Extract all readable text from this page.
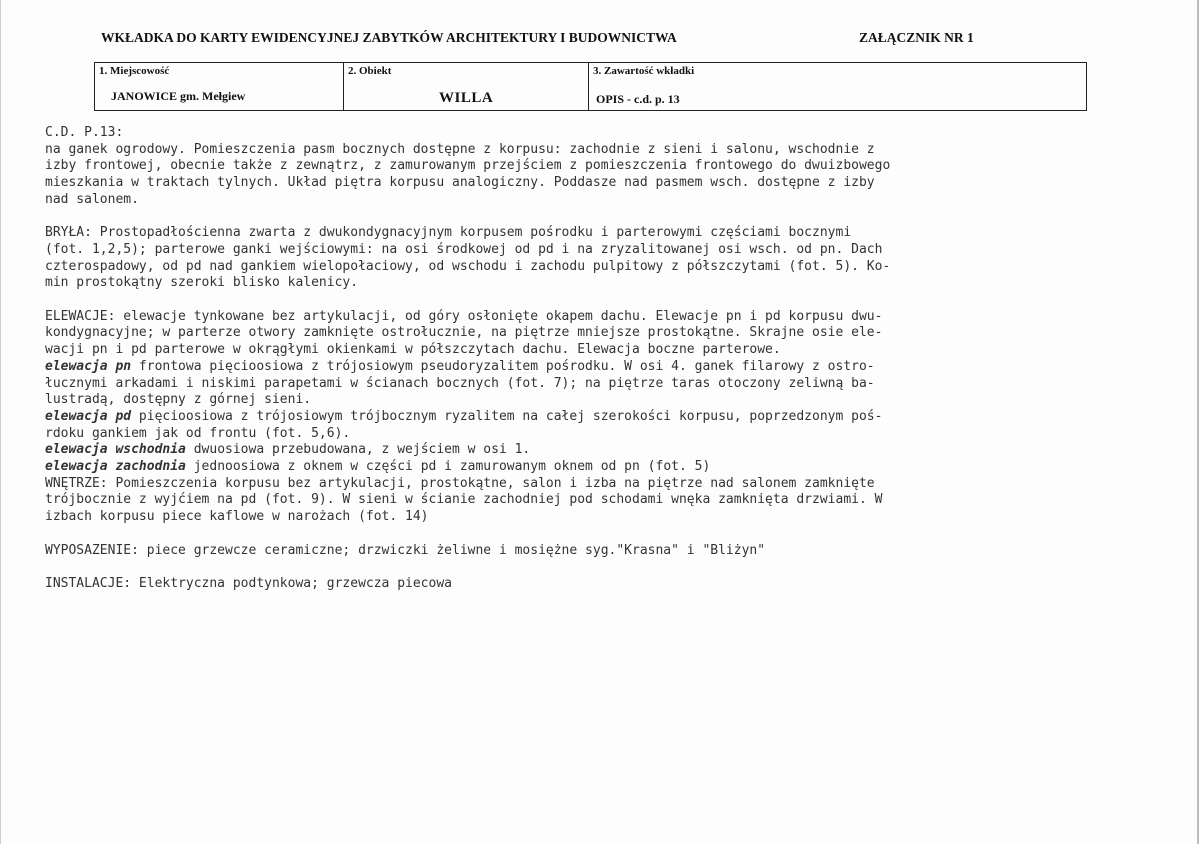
WKŁADKA DO KARTY EWIDENCYJNEJ ZABYTKÓW ARCHITEKTURY I BUDOWNICTWA	ZAŁĄCZNIK NR 1
1. Miejscowość
JANOWICE gm. Mełgiew
2. Obiekt
WILLA
3. Zawartość wkładki
OPIS - c.d. p. 13

C.D. P.13:

na ganek ogrodowy. Pomieszczenia pasm bocznych dostępne z korpusu: zachodnie z sieni i salonu, wschodnie z

izby frontowej, obecnie także z zewnątrz, z zamurowanym przejściem z pomieszczenia frontowego do dwuizbowego

mieszkania w traktach tylnych. Układ piętra korpusu analogiczny. Poddasze nad pasmem wsch. dostępne z izby

nad salonem.

BRYŁA: Prostopadłościenna zwarta z dwukondygnacyjnym korpusem pośrodku i parterowymi częściami bocznymi

(fot. 1,2,5); parterowe ganki wejściowymi: na osi środkowej od pd i na zryzalitowanej osi wsch. od pn. Dach

czterospadowy, od pd nad gankiem wielopołaciowy, od wschodu i zachodu pulpitowy z półszczytami (fot. 5). Ko-

min prostokątny szeroki blisko kalenicy.

ELEWACJE: elewacje tynkowane bez artykulacji, od góry osłonięte okapem dachu. Elewacje pn i pd korpusu dwu-

kondygnacyjne; w parterze otwory zamknięte ostrołucznie, na piętrze mniejsze prostokątne. Skrajne osie ele-

wacji pn i pd parterowe w okrągłymi okienkami w półszczytach dachu. Elewacja boczne parterowe.

elewacja pn frontowa pięcioosiowa z trójosiowym pseudoryzalitem pośrodku. W osi 4. ganek filarowy z ostro-

łucznymi arkadami i niskimi parapetami w ścianach bocznych (fot. 7); na piętrze taras otoczony zeliwną ba-

lustradą, dostępny z górnej sieni.

elewacja pd pięcioosiowa z trójosiowym trójbocznym ryzalitem na całej szerokości korpusu, poprzedzonym poś-

rdoku gankiem jak od frontu (fot. 5,6).

elewacja wschodnia dwuosiowa przebudowana, z wejściem w osi 1.

elewacja zachodnia jednoosiowa z oknem w części pd i zamurowanym oknem od pn (fot. 5)

WNĘTRZE: Pomieszczenia korpusu bez artykulacji, prostokątne, salon i izba na piętrze nad salonem zamknięte

trójbocznie z wyjćiem na pd (fot. 9). W sieni w ścianie zachodniej pod schodami wnęka zamknięta drzwiami. W

izbach korpusu piece kaflowe w narożach (fot. 14)

WYPOSAZENIE: piece grzewcze ceramiczne; drzwiczki żeliwne i mosiężne syg."Krasna" i "Bliżyn"

INSTALACJE: Elektryczna podtynkowa; grzewcza piecowa
